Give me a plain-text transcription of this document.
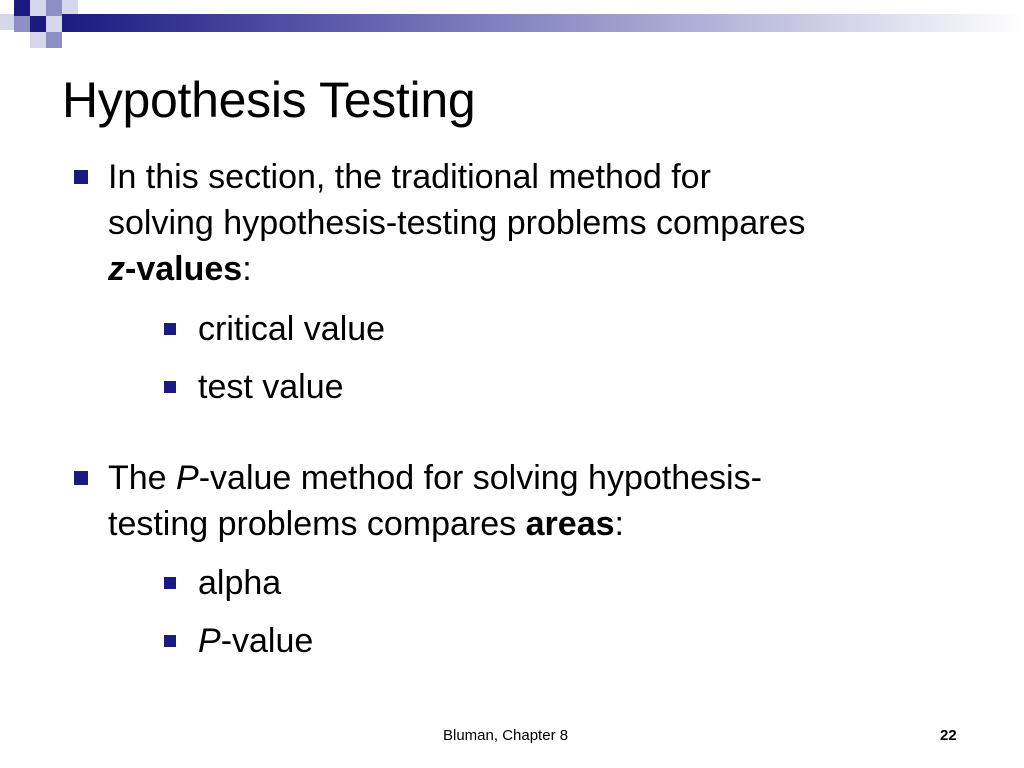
Hypothesis Testing
In this section, the traditional method for
solving hypothesis-testing problems compares
z-values:
critical value
test value
The P-value method for solving hypothesis-
testing problems compares areas:
alpha
P-value
Bluman, Chapter 8	22
